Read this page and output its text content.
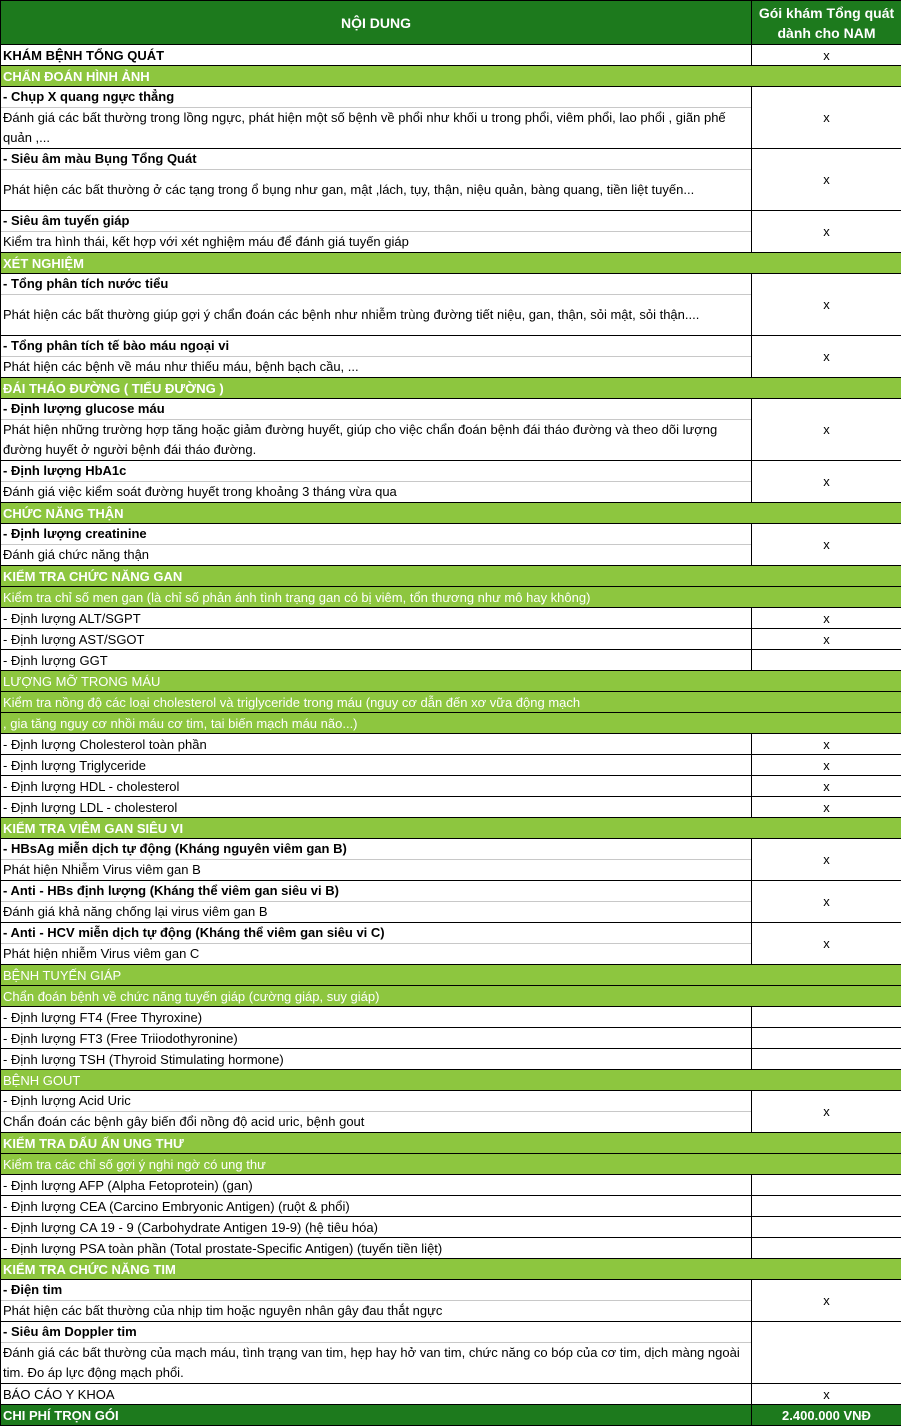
NỘI DUNG	Gói khám Tổng quát
dành cho NAM
KHÁM BỆNH TỔNG QUÁT	x
CHẨN ĐOÁN HÌNH ẢNH	

- Chụp X quang ngực thẳng
Đánh giá các bất thường trong lồng ngực, phát hiện một số bệnh về phổi như khối u trong phổi, viêm phổi, lao phổi , giãn phế quản ,...	x

- Siêu âm màu Bụng Tổng Quát
Phát hiện các bất thường ở các tạng trong ổ bụng như gan, mật ,lách, tụy, thận, niệu quản, bàng quang, tiền liệt tuyến...	x

- Siêu âm tuyến giáp
Kiểm tra hình thái, kết hợp với xét nghiệm máu để đánh giá tuyến giáp	x
XÉT NGHIỆM	

- Tổng phân tích nước tiểu
Phát hiện các bất thường giúp gợi ý chẩn đoán các bệnh như nhiễm trùng đường tiết niệu, gan, thận, sỏi mật, sỏi thận....	x

- Tổng phân tích tế bào máu ngoại vi
Phát hiện các bệnh về máu như thiếu máu, bệnh bạch cầu, ...	x
ĐÁI THÁO ĐƯỜNG ( TIỂU ĐƯỜNG )	

- Định lượng glucose máu
Phát hiện những trường hợp tăng hoặc giảm đường huyết, giúp cho việc chẩn đoán bệnh đái tháo đường và theo dõi lượng đường huyết ở người bệnh đái tháo đường.	x

- Định lượng HbA1c
Đánh giá việc kiểm soát đường huyết trong khoảng 3 tháng vừa qua	x
CHỨC NĂNG THẬN	

- Định lượng creatinine
Đánh giá chức năng thận	x
KIỂM TRA CHỨC NĂNG GAN	
Kiểm tra chỉ số men gan (là chỉ số phản ánh tình trạng gan có bị viêm, tổn thương như mô hay không)	
- Định lượng ALT/SGPT	x
- Định lượng AST/SGOT	x
- Định lượng GGT	
LƯỢNG MỠ TRONG MÁU	
Kiểm tra nồng độ các loại cholesterol và triglyceride trong máu (nguy cơ dẫn đến xơ vữa động mạch	
, gia tăng nguy cơ nhồi máu cơ tim, tai biến mạch máu não...)	
- Định lượng Cholesterol toàn phần	x
- Định lượng Triglyceride	x
- Định lượng HDL - cholesterol	x
- Định lượng LDL - cholesterol	x
KIỂM TRA VIÊM GAN SIÊU VI	

- HBsAg miễn dịch tự động (Kháng nguyên viêm gan B)
Phát hiện Nhiễm Virus viêm gan B	x

- Anti - HBs định lượng (Kháng thể viêm gan siêu vi B)
Đánh giá khả năng chống lại virus viêm gan B	x

- Anti - HCV miễn dịch tự động (Kháng thể viêm gan siêu vi C)
Phát hiện nhiễm Virus viêm gan C	x
BỆNH TUYẾN GIÁP	
Chẩn đoán bệnh về chức năng tuyến giáp (cường giáp, suy giáp)	
- Định lượng FT4 (Free Thyroxine)	
- Định lượng FT3 (Free Triiodothyronine)	
- Định lượng TSH (Thyroid Stimulating hormone)	
BỆNH GOUT	

- Định lượng Acid Uric
Chẩn đoán các bệnh gây biến đổi nồng độ acid uric, bệnh gout	x
KIỂM TRA DẤU ẤN UNG THƯ	
Kiểm tra các chỉ số gợi ý nghi ngờ có ung thư	
- Định lượng AFP (Alpha Fetoprotein) (gan)	
- Định lượng CEA (Carcino Embryonic Antigen) (ruột & phổi)	
- Định lượng CA 19 - 9 (Carbohydrate Antigen 19-9) (hệ tiêu hóa)	
- Định lượng PSA toàn phần (Total prostate-Specific Antigen) (tuyến tiền liệt)	
KIỂM TRA CHỨC NĂNG TIM	

- Điện tim
Phát hiện các bất thường của nhịp tim hoặc nguyên nhân gây đau thắt ngực	x

- Siêu âm Doppler tim
Đánh giá các bất thường của mạch máu, tình trạng van tim, hẹp hay hở van tim, chức năng co bóp của cơ tim, dịch màng ngoài tim. Đo áp lực động mạch phổi.	

BÁO CÁO Y KHOA	x
CHI PHÍ TRỌN GÓI	2.400.000 VNĐ
